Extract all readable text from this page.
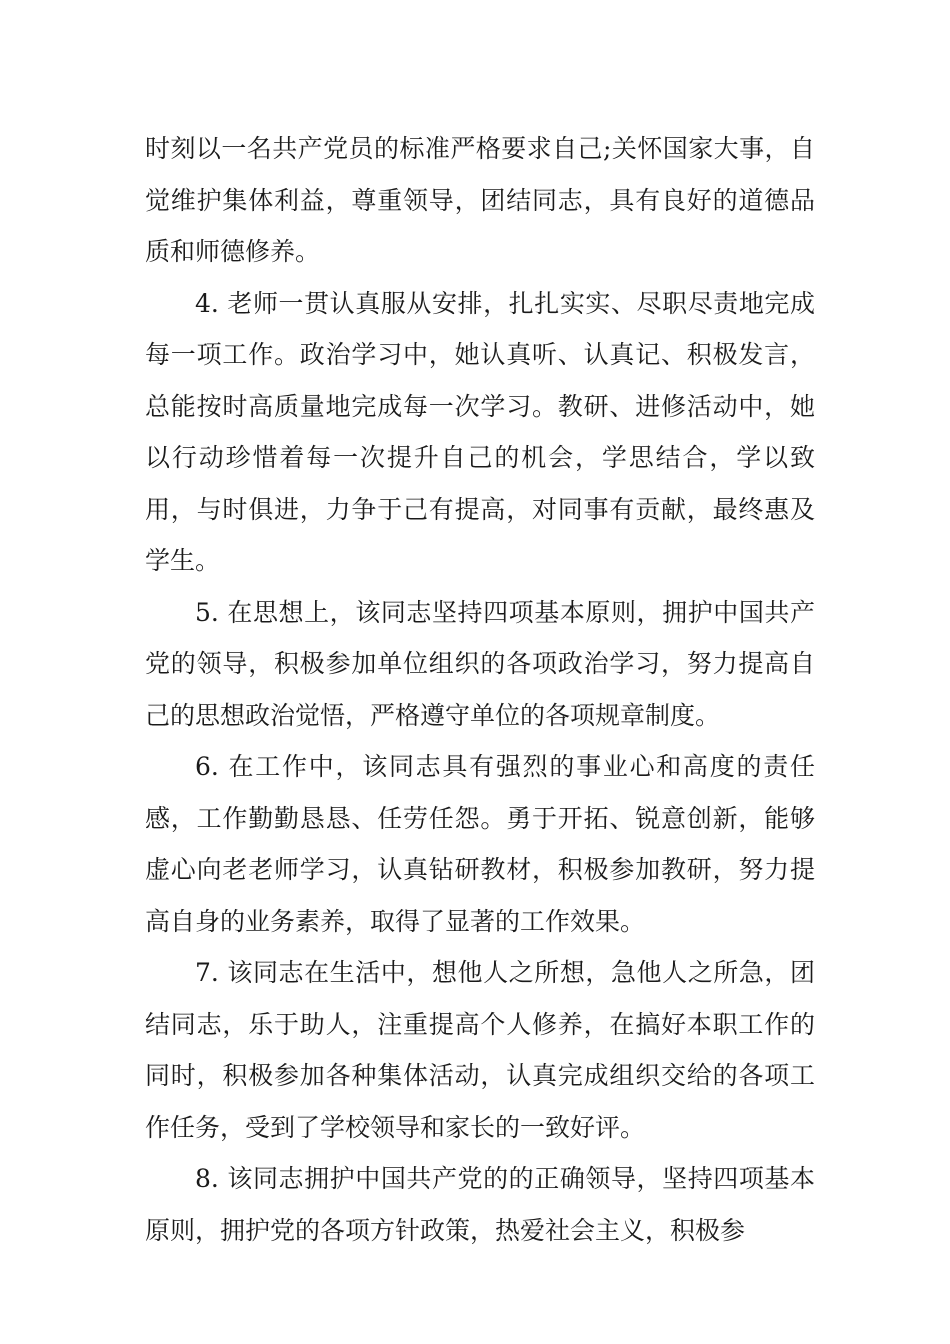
时刻以一名共产党员的标准严格要求自己;关怀国家大事，自觉维护集体利益，尊重领导，团结同志，具有良好的道德品质和师德修养。

4. 老师一贯认真服从安排，扎扎实实、尽职尽责地完成每一项工作。政治学习中，她认真听、认真记、积极发言，总能按时高质量地完成每一次学习。教研、进修活动中，她以行动珍惜着每一次提升自己的机会，学思结合，学以致用，与时俱进，力争于己有提高，对同事有贡献，最终惠及学生。

5. 在思想上，该同志坚持四项基本原则，拥护中国共产党的领导，积极参加单位组织的各项政治学习，努力提高自己的思想政治觉悟，严格遵守单位的各项规章制度。

6. 在工作中，该同志具有强烈的事业心和高度的责任感，工作勤勤恳恳、任劳任怨。勇于开拓、锐意创新，能够虚心向老老师学习，认真钻研教材，积极参加教研，努力提高自身的业务素养，取得了显著的工作效果。

7. 该同志在生活中，想他人之所想，急他人之所急，团结同志，乐于助人，注重提高个人修养，在搞好本职工作的同时，积极参加各种集体活动，认真完成组织交给的各项工作任务，受到了学校领导和家长的一致好评。

8. 该同志拥护中国共产党的的正确领导，坚持四项基本原则，拥护党的各项方针政策，热爱社会主义，积极参
